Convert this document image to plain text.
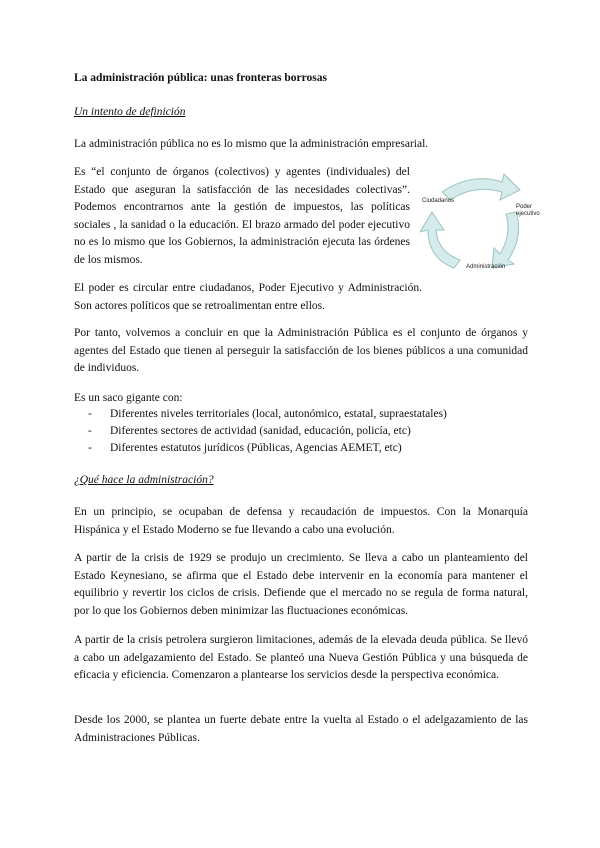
La administración pública: unas fronteras borrosas
Un intento de definición
La administración pública no es lo mismo que la administración empresarial.
Es “el conjunto de órganos (colectivos) y agentes (individuales) del Estado que aseguran la satisfacción de las necesidades colectivas”. Podemos encontrarnos ante la gestión de impuestos, las políticas sociales , la sanidad o la educación. El brazo armado del poder ejecutivo no es lo mismo que los Gobiernos, la administración ejecuta las órdenes de los mismos.
Ciudadanos
Poder
ejecutivo
Administración
El poder es circular entre ciudadanos, Poder Ejecutivo y Administración. Son actores políticos que se retroalimentan entre ellos.
Por tanto, volvemos a concluir en que la Administración Pública es el conjunto de órganos y agentes del Estado que tienen al perseguir la satisfacción de los bienes públicos a una comunidad de individuos.
Es un saco gigante con:
- Diferentes niveles territoriales (local, autonómico, estatal, supraestatales)
- Diferentes sectores de actividad (sanidad, educación, policía, etc)
- Diferentes estatutos jurídicos (Públicas, Agencias AEMET, etc)
¿Qué hace la administración?
En un principio, se ocupaban de defensa y recaudación de impuestos. Con la Monarquía Hispánica y el Estado Moderno se fue llevando a cabo una evolución.
A partir de la crisis de 1929 se produjo un crecimiento. Se lleva a cabo un planteamiento del Estado Keynesiano, se afirma que el Estado debe intervenir en la economía para mantener el equilibrio y revertir los ciclos de crisis. Defiende que el mercado no se regula de forma natural, por lo que los Gobiernos deben minimizar las fluctuaciones económicas.
A partir de la crisis petrolera surgieron limitaciones, además de la elevada deuda pública. Se llevó a cabo un adelgazamiento del Estado. Se planteó una Nueva Gestión Pública y una búsqueda de eficacia y eficiencia. Comenzaron a plantearse los servicios desde la perspectiva económica.
Desde los 2000, se plantea un fuerte debate entre la vuelta al Estado o el adelgazamiento de las Administraciones Públicas.
